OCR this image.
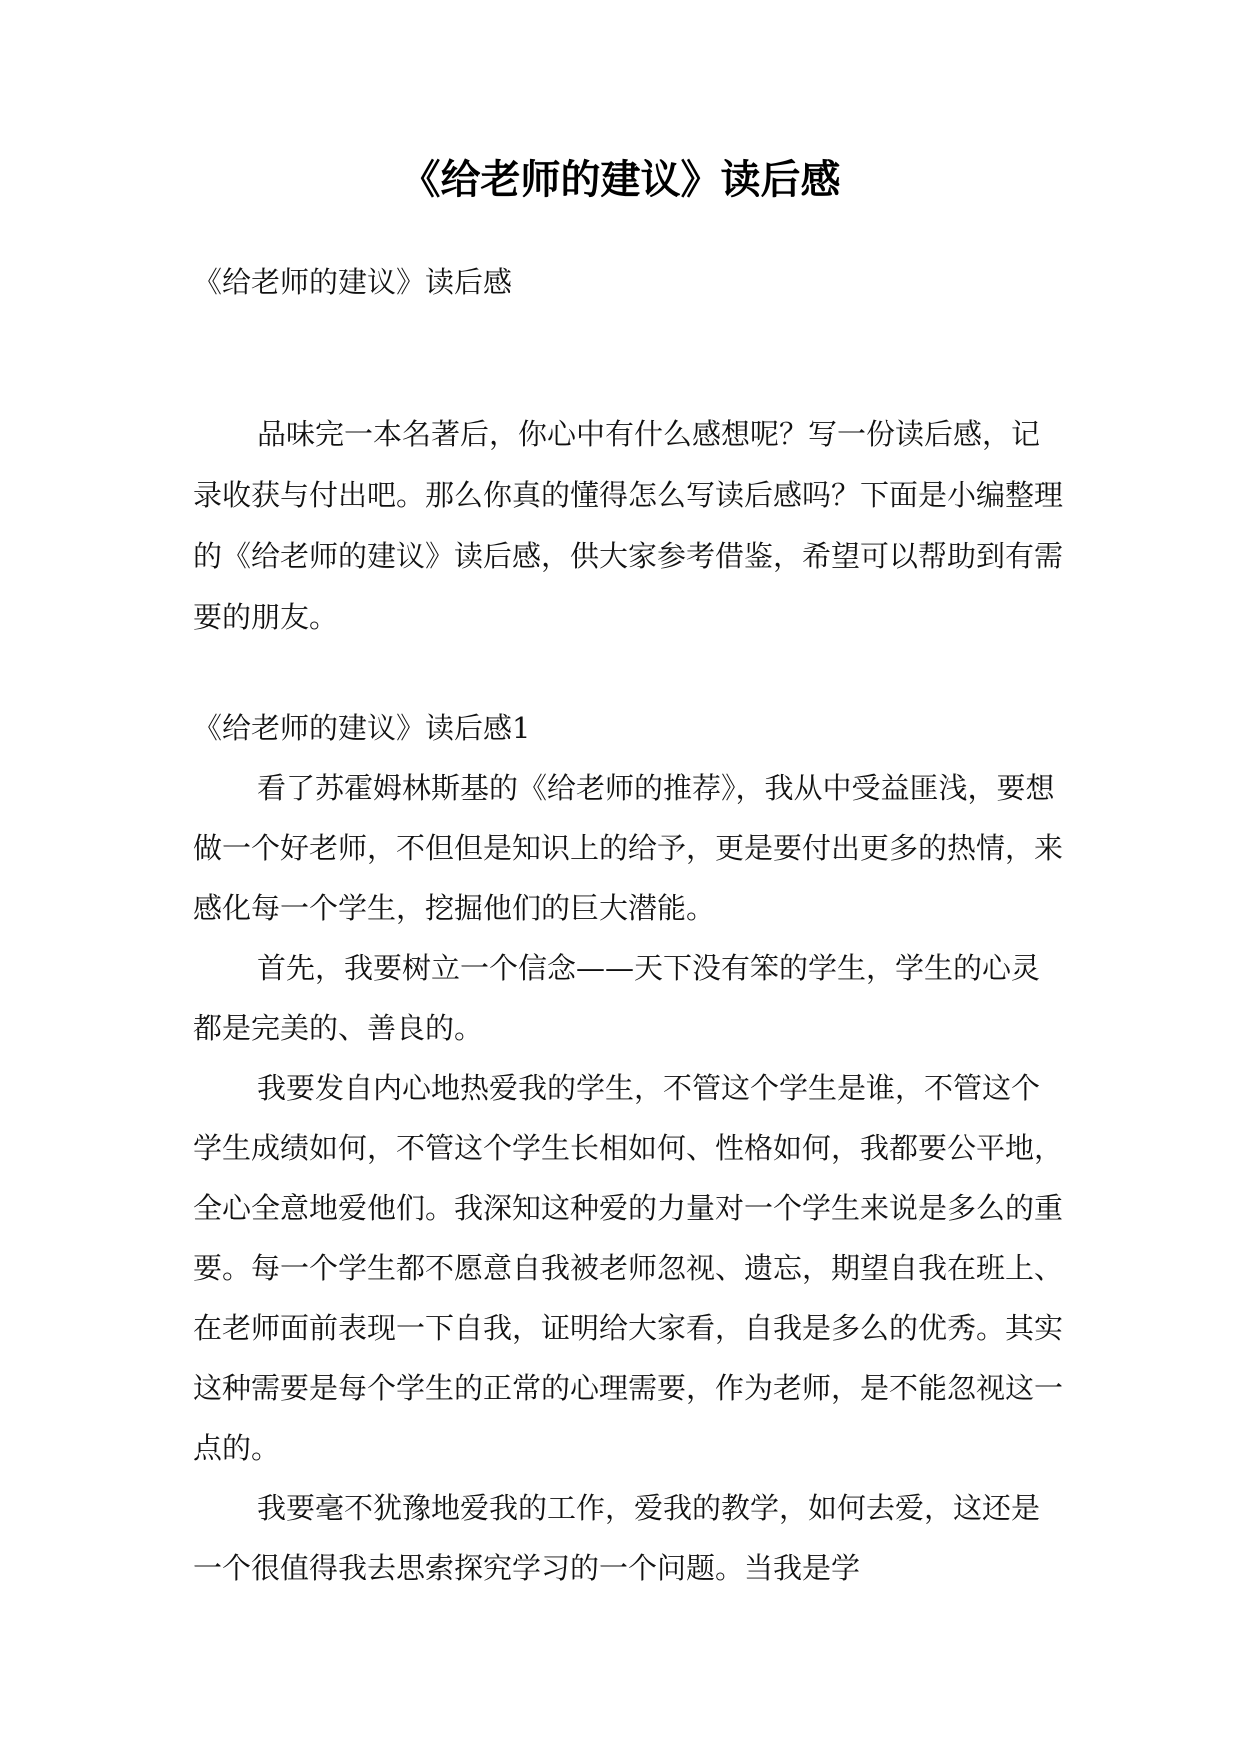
《给老师的建议》读后感

《给老师的建议》读后感

品味完一本名著后，你心中有什么感想呢？写一份读后感，记录收获与付出吧。那么你真的懂得怎么写读后感吗？下面是小编整理的《给老师的建议》读后感，供大家参考借鉴，希望可以帮助到有需要的朋友。

《给老师的建议》读后感1

看了苏霍姆林斯基的《给老师的推荐》，我从中受益匪浅，要想做一个好老师，不但但是知识上的给予，更是要付出更多的热情，来感化每一个学生，挖掘他们的巨大潜能。

首先，我要树立一个信念——天下没有笨的学生，学生的心灵都是完美的、善良的。

我要发自内心地热爱我的学生，不管这个学生是谁，不管这个学生成绩如何，不管这个学生长相如何、性格如何，我都要公平地，全心全意地爱他们。我深知这种爱的力量对一个学生来说是多么的重要。每一个学生都不愿意自我被老师忽视、遗忘，期望自我在班上、在老师面前表现一下自我，证明给大家看，自我是多么的优秀。其实这种需要是每个学生的正常的心理需要，作为老师，是不能忽视这一点的。

我要毫不犹豫地爱我的工作，爱我的教学，如何去爱，这还是一个很值得我去思索探究学习的一个问题。当我是学
